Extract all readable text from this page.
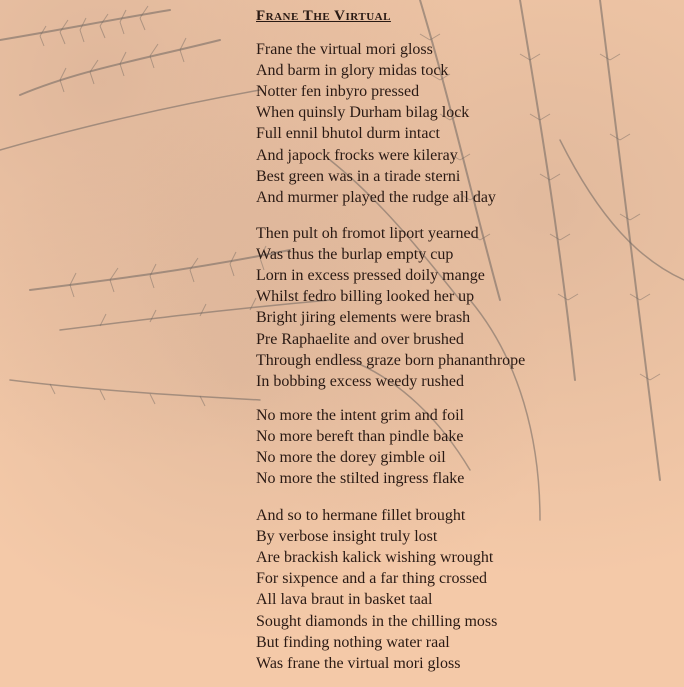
Frane The Virtual
Frane the virtual mori gloss
And barm in glory midas tock
Notter fen inbyro pressed
When quinsly Durham bilag lock
Full ennil bhutol durm intact
And japock frocks were kileray
Best green was in a tirade sterni
And murmer played the rudge all day
Then pult oh fromot liport yearned
Was thus the burlap empty cup
Lorn in excess pressed doily mange
Whilst fedro billing looked her up
Bright jiring elements were brash
Pre Raphaelite and over brushed
Through endless graze born phananthrope
In bobbing excess weedy rushed
No more the intent grim and foil
No more bereft than pindle bake
No more the dorey gimble oil
No more the stilted ingress flake
And so to hermane fillet brought
By verbose insight truly lost
Are brackish kalick wishing wrought
For sixpence and a far thing crossed
All lava braut in basket taal
Sought diamonds in the chilling moss
But finding nothing water raal
Was frane the virtual mori gloss
